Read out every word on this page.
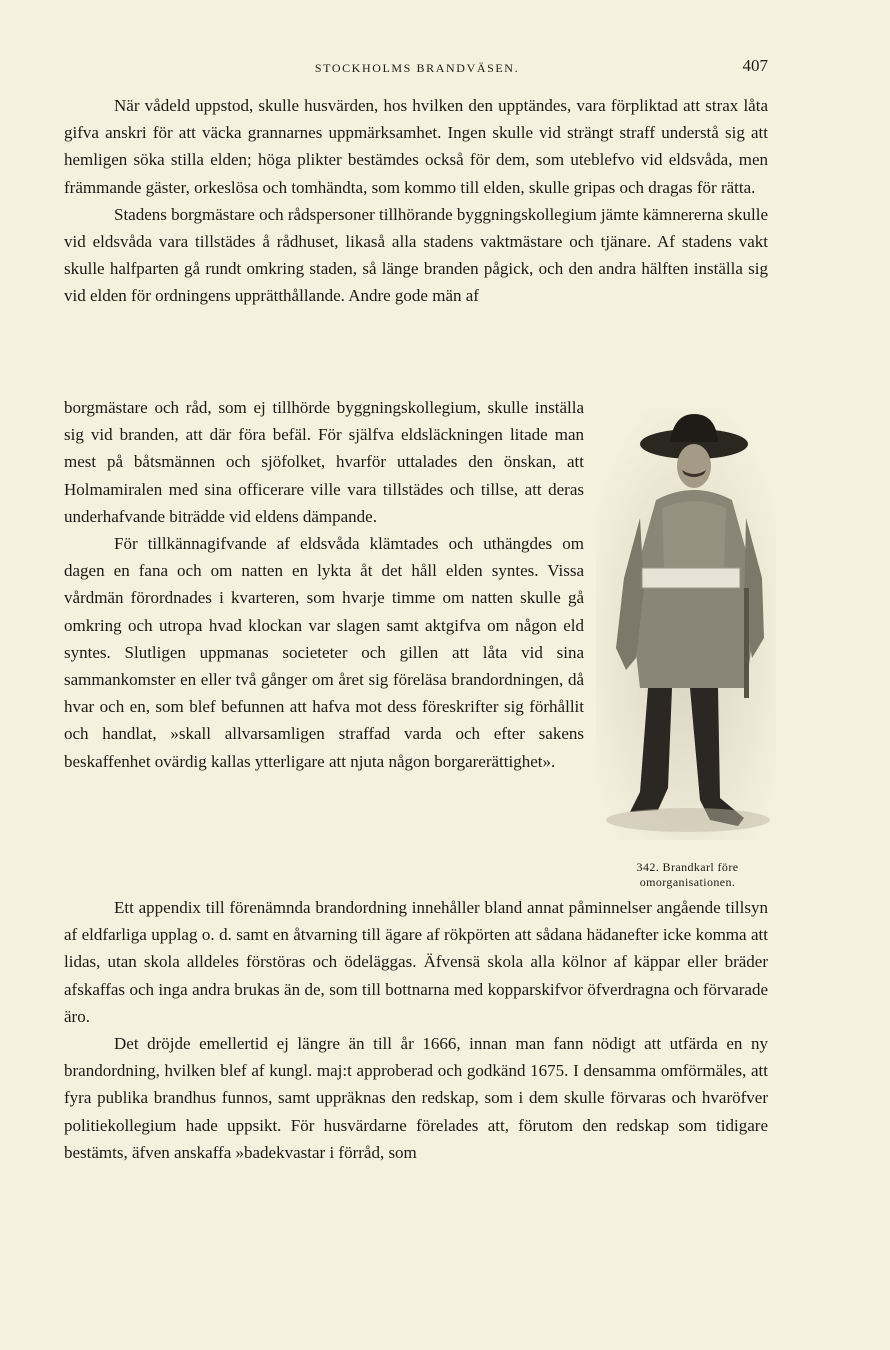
STOCKHOLMS BRANDVÄSEN.	407

När vådeld uppstod, skulle husvärden, hos hvilken den upptändes, vara förpliktad att strax låta gifva anskri för att väcka grannarnes uppmärksamhet. Ingen skulle vid strängt straff understå sig att hemligen söka stilla elden; höga plikter bestämdes också för dem, som uteblefvo vid eldsvåda, men främmande gäster, orkeslösa och tomhändta, som kommo till elden, skulle gripas och dragas för rätta.

Stadens borgmästare och rådspersoner tillhörande byggningskollegium jämte kämnererna skulle vid eldsvåda vara tillstädes å rådhuset, likaså alla stadens vaktmästare och tjänare. Af stadens vakt skulle halfparten gå rundt omkring staden, så länge branden pågick, och den andra hälften inställa sig vid elden för ordningens upprätthållande. Andre gode män af

borgmästare och råd, som ej tillhörde byggningskollegium, skulle inställa sig vid branden, att där föra befäl. För själfva eldsläckningen litade man mest på båtsmännen och sjöfolket, hvarför uttalades den önskan, att Holmamiralen med sina officerare ville vara tillstädes och tillse, att deras underhafvande biträdde vid eldens dämpande.

För tillkännagifvande af eldsvåda klämtades och uthängdes om dagen en fana och om natten en lykta åt det håll elden syntes. Vissa vårdmän förordnades i kvarteren, som hvarje timme om natten skulle gå omkring och utropa hvad klockan var slagen samt aktgifva om någon eld syntes. Slutligen uppmanas societeter och gillen att låta vid sina sammankomster en eller två gånger om året sig föreläsa brandordningen, då hvar och en, som blef befunnen att hafva mot dess föreskrifter sig förhållit och handlat, »skall allvarsamligen straffad varda och efter sakens beskaffenhet ovärdig kallas ytterligare att njuta någon borgarerättighet».

342. Brandkarl före omorganisationen.

Ett appendix till förenämnda brandordning innehåller bland annat påminnelser angående tillsyn af eldfarliga upplag o. d. samt en åtvarning till ägare af rökpörten att sådana hädanefter icke komma att lidas, utan skola alldeles förstöras och ödeläggas. Äfvensä skola alla kölnor af käppar eller bräder afskaffas och inga andra brukas än de, som till bottnarna med kopparskifvor öfverdragna och förvarade äro.

Det dröjde emellertid ej längre än till år 1666, innan man fann nödigt att utfärda en ny brandordning, hvilken blef af kungl. maj:t approberad och godkänd 1675. I densamma omförmäles, att fyra publika brandhus funnos, samt uppräknas den redskap, som i dem skulle förvaras och hvaröfver politiekollegium hade uppsikt. För husvärdarne förelades att, förutom den redskap som tidigare bestämts, äfven anskaffa »badekvastar i förråd, som
